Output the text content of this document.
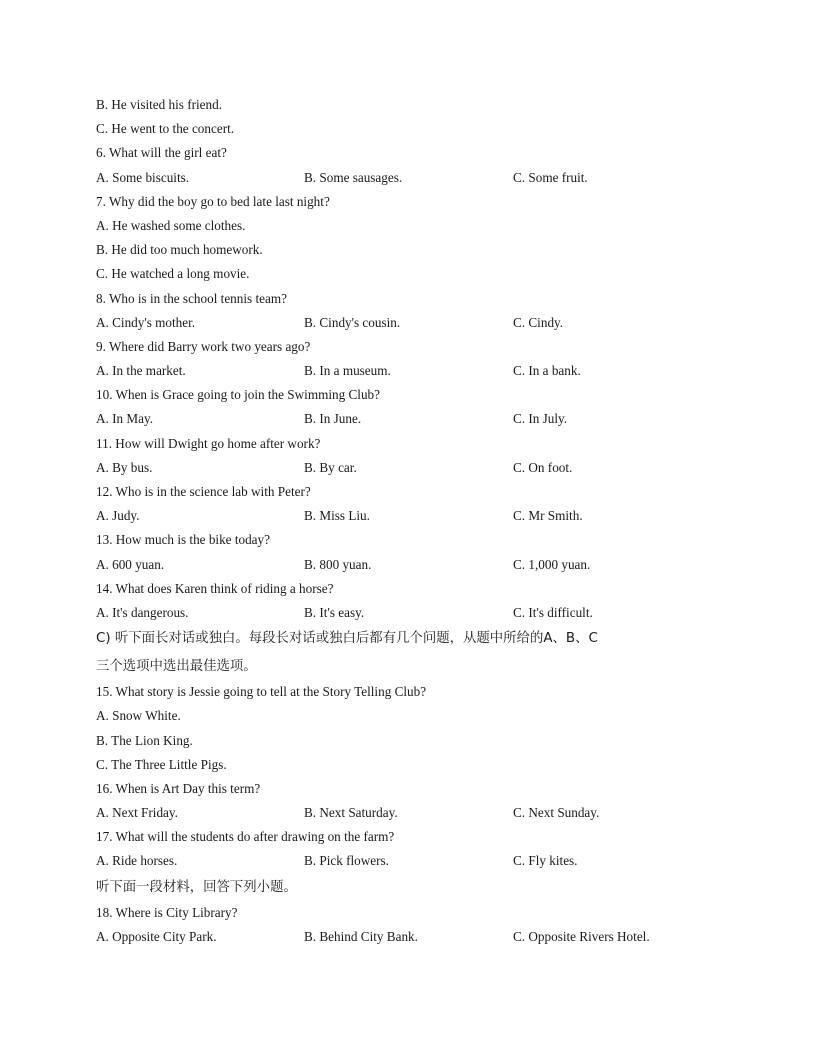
B. He visited his friend.
C. He went to the concert.
6. What will the girl eat?
A. Some biscuits.	B. Some sausages.	C. Some fruit.
7. Why did the boy go to bed late last night?
A. He washed some clothes.
B. He did too much homework.
C. He watched a long movie.
8. Who is in the school tennis team?
A. Cindy's mother.	B. Cindy's cousin.	C. Cindy.
9. Where did Barry work two years ago?
A. In the market.	B. In a museum.	C. In a bank.
10. When is Grace going to join the Swimming Club?
A. In May.	B. In June.	C. In July.
11. How will Dwight go home after work?
A. By bus.	B. By car.	C. On foot.
12. Who is in the science lab with Peter?
A. Judy.	B. Miss Liu.	C. Mr Smith.
13. How much is the bike today?
A. 600 yuan.	B. 800 yuan.	C. 1,000 yuan.
14. What does Karen think of riding a horse?
A. It's dangerous.	B. It's easy.	C. It's difficult.
C) 听下面长对话或独白。每段长对话或独白后都有几个问题，从题中所给的A、B、C
三个选项中选出最佳选项。
15. What story is Jessie going to tell at the Story Telling Club?
A. Snow White.
B. The Lion King.
C. The Three Little Pigs.
16. When is Art Day this term?
A. Next Friday.	B. Next Saturday.	C. Next Sunday.
17. What will the students do after drawing on the farm?
A. Ride horses.	B. Pick flowers.	C. Fly kites.
听下面一段材料，回答下列小题。
18. Where is City Library?
A. Opposite City Park.	B. Behind City Bank.	C. Opposite Rivers Hotel.
